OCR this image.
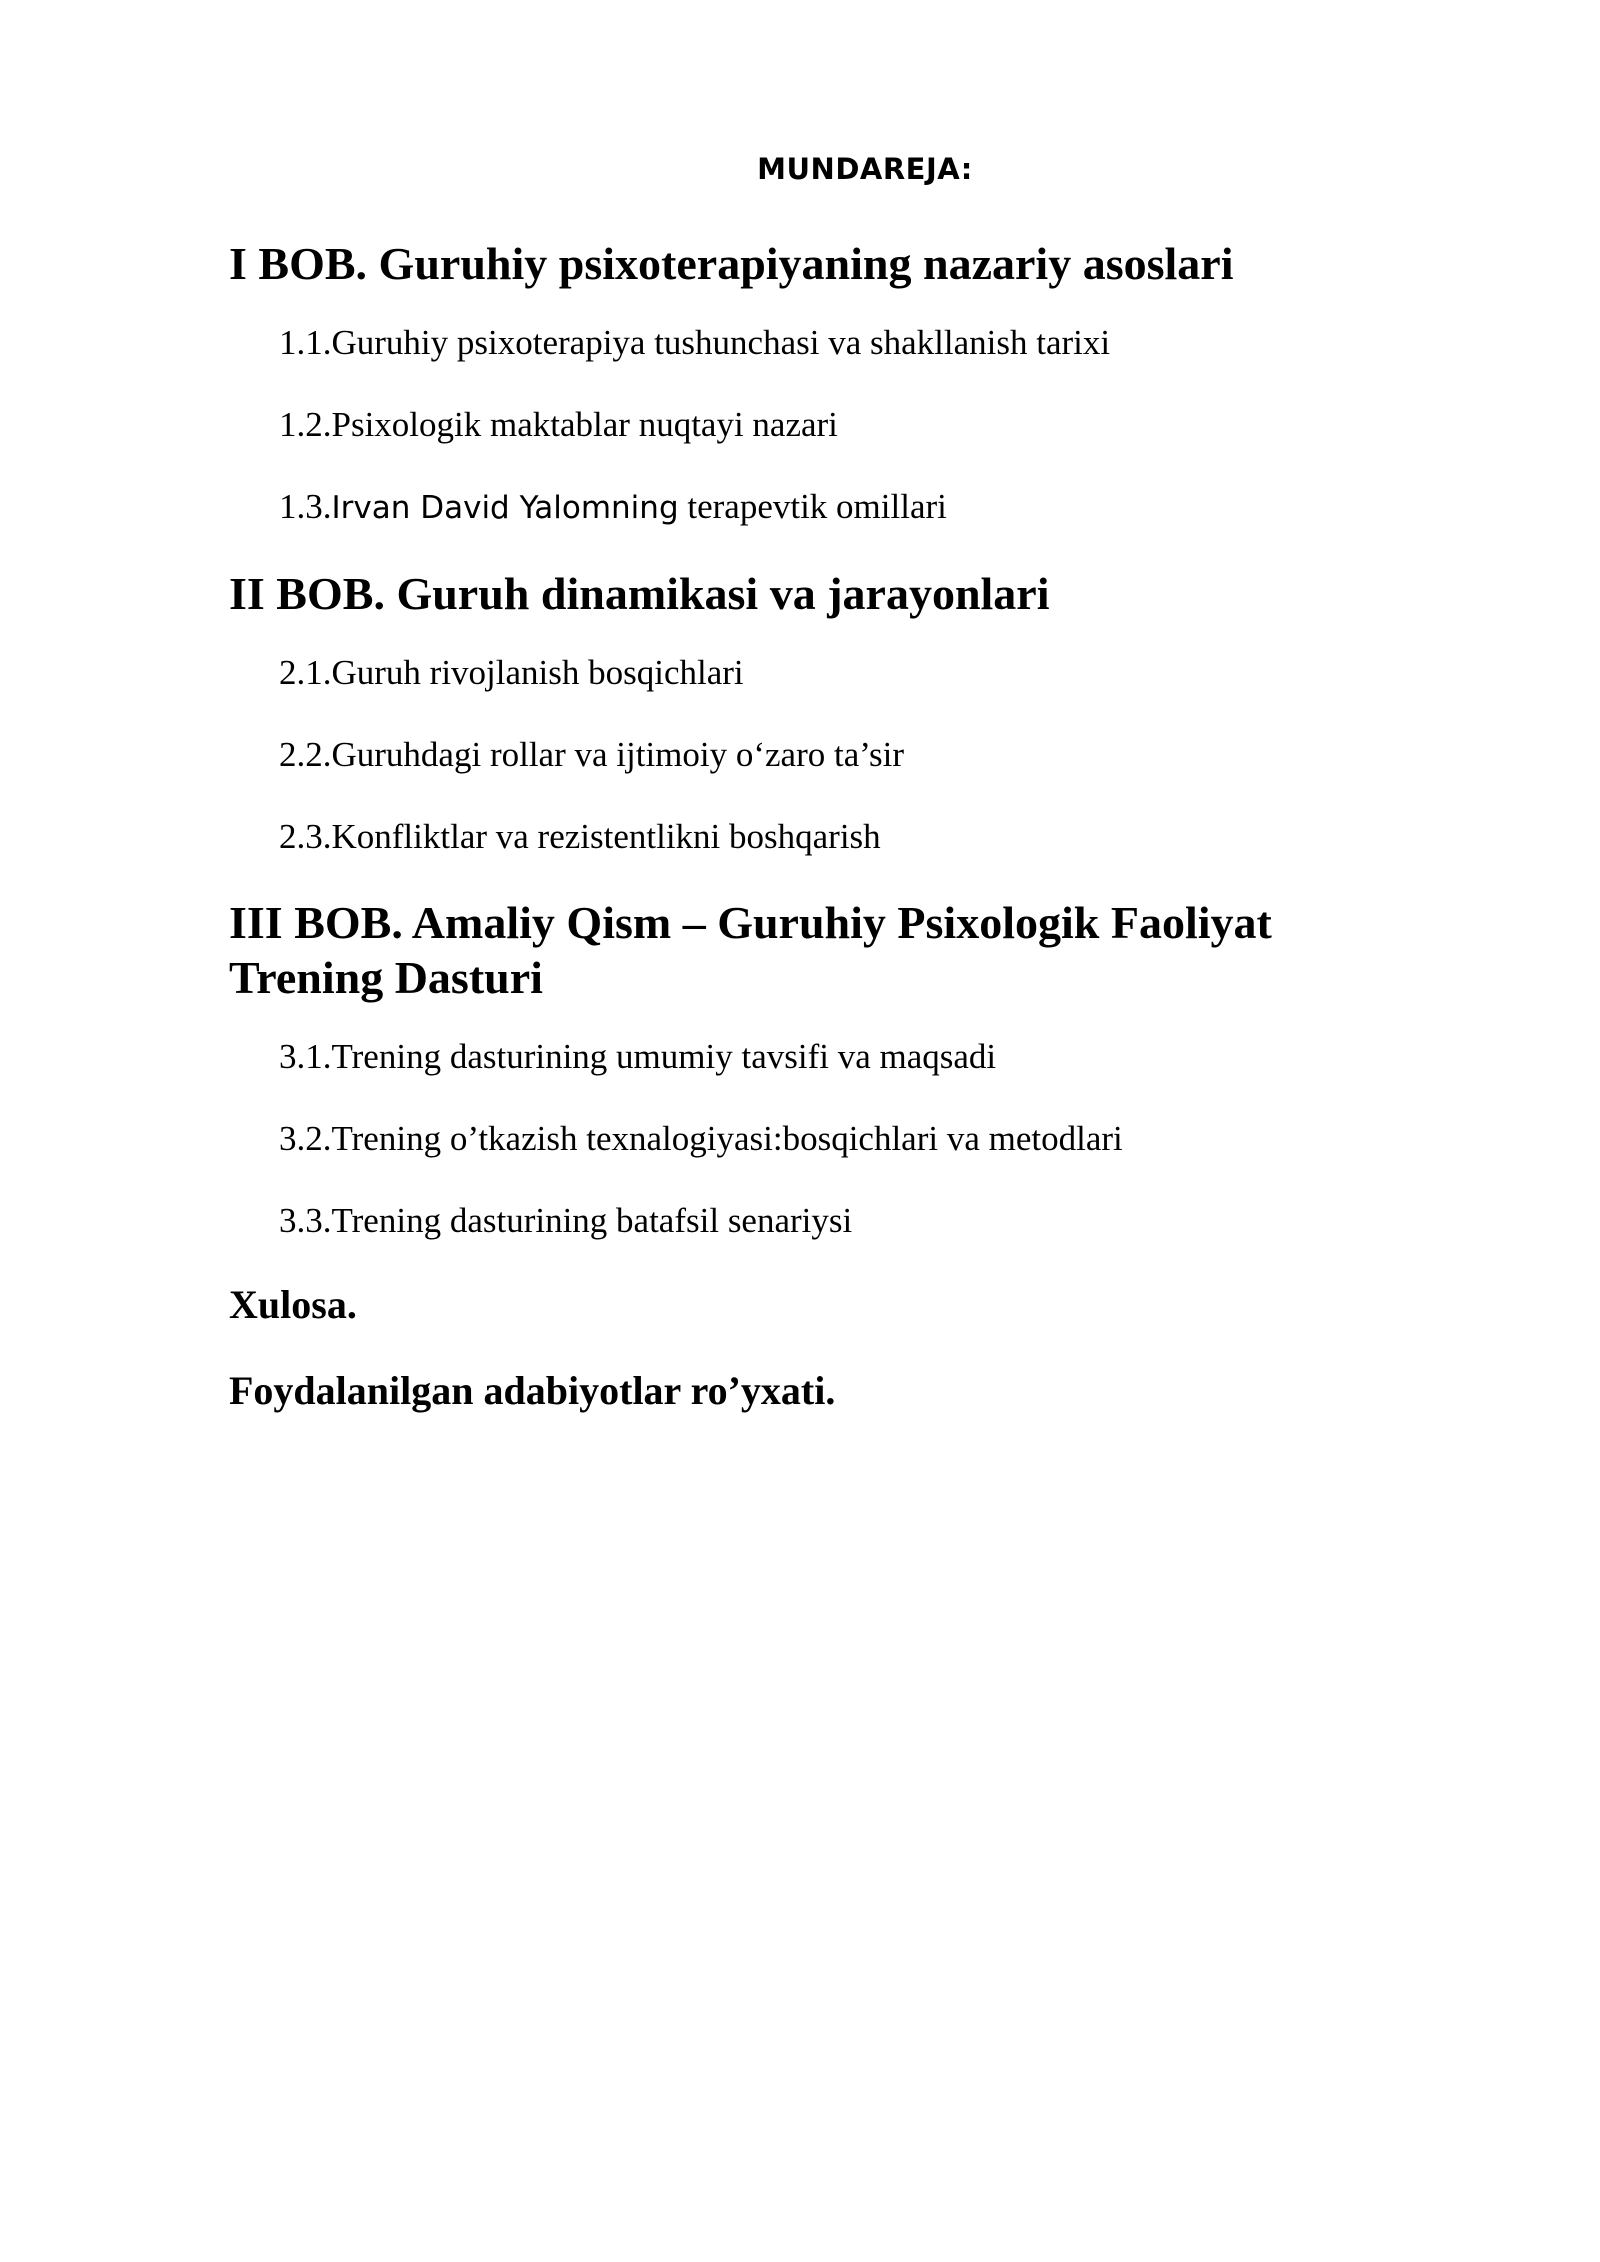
MUNDAREJA:

I BOB. Guruhiy psixoterapiyaning nazariy asoslari

1.1.Guruhiy psixoterapiya tushunchasi va shakllanish tarixi

1.2.Psixologik maktablar nuqtayi nazari

1.3.Irvan David Yalomning terapevtik omillari

II BOB. Guruh dinamikasi va jarayonlari

2.1.Guruh rivojlanish bosqichlari

2.2.Guruhdagi rollar va ijtimoiy o‘zaro ta’sir

2.3.Konfliktlar va rezistentlikni boshqarish

III BOB. Amaliy Qism – Guruhiy Psixologik Faoliyat Trening Dasturi

3.1.Trening dasturining umumiy tavsifi va maqsadi

3.2.Trening o’tkazish texnalogiyasi:bosqichlari va metodlari

3.3.Trening dasturining batafsil senariysi

Xulosa.

Foydalanilgan adabiyotlar ro’yxati.
